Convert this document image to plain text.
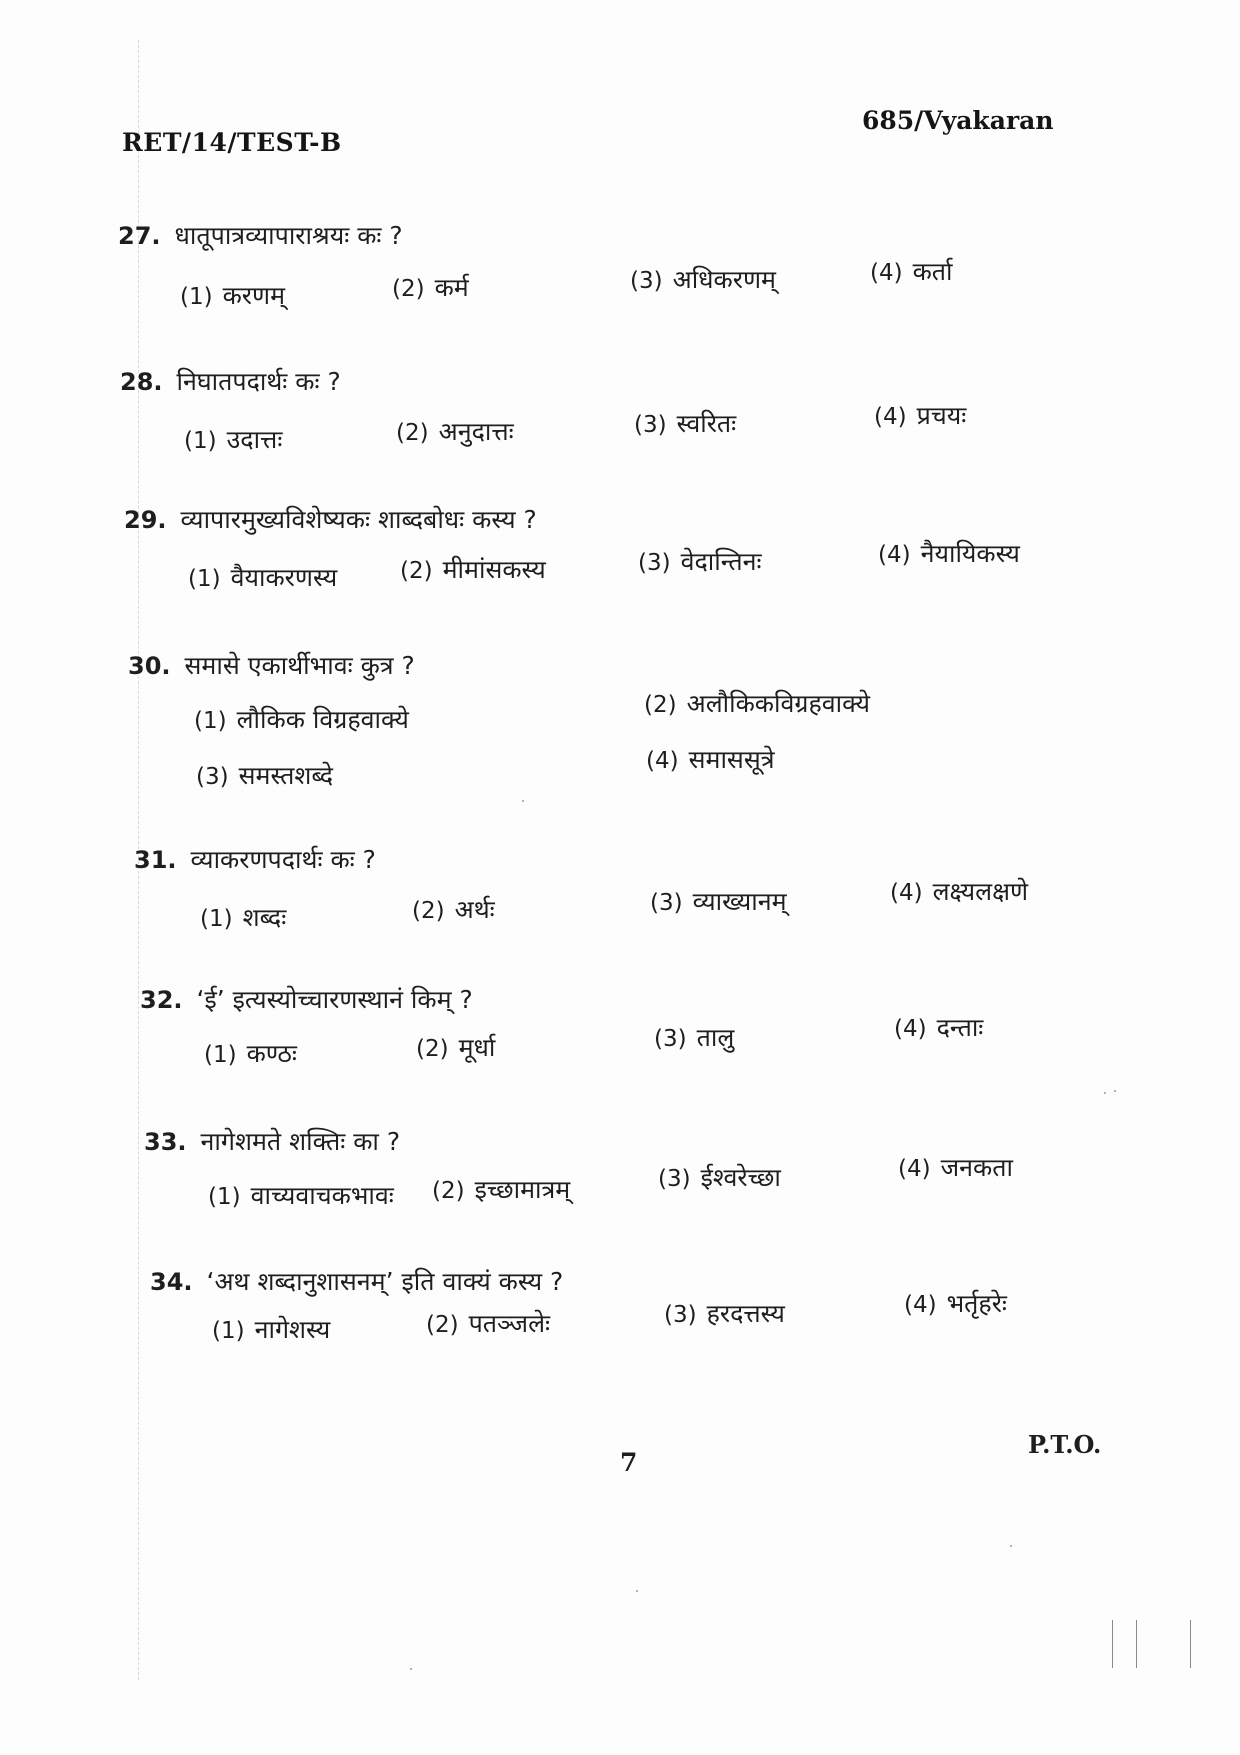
RET/14/TEST-B
685/Vyakaran
27. धातूपात्रव्यापाराश्रयः कः ?
(1) करणम्	(2) कर्म	(3) अधिकरणम्	(4) कर्ता
28. निघातपदार्थः कः ?
(1) उदात्तः	(2) अनुदात्तः	(3) स्वरितः	(4) प्रचयः
29. व्यापारमुख्यविशेष्यकः शाब्दबोधः कस्य ?
(1) वैयाकरणस्य	(2) मीमांसकस्य	(3) वेदान्तिनः	(4) नैयायिकस्य
30. समासे एकार्थीभावः कुत्र ?
(1) लौकिक विग्रहवाक्ये	(2) अलौकिकविग्रहवाक्ये
(3) समस्तशब्दे	(4) समाससूत्रे
31. व्याकरणपदार्थः कः ?
(1) शब्दः	(2) अर्थः	(3) व्याख्यानम्	(4) लक्ष्यलक्षणे
32. ‘ई’ इत्यस्योच्चारणस्थानं किम् ?
(1) कण्ठः	(2) मूर्धा	(3) तालु	(4) दन्ताः
33. नागेशमते शक्तिः का ?
(1) वाच्यवाचकभावः (2) इच्छामात्रम्	(3) ईश्वरेच्छा	(4) जनकता
34. ‘अथ शब्दानुशासनम्’ इति वाक्यं कस्य ?
(1) नागेशस्य	(2) पतञ्जलेः	(3) हरदत्तस्य	(4) भर्तृहरेः
7
P.T.O.
